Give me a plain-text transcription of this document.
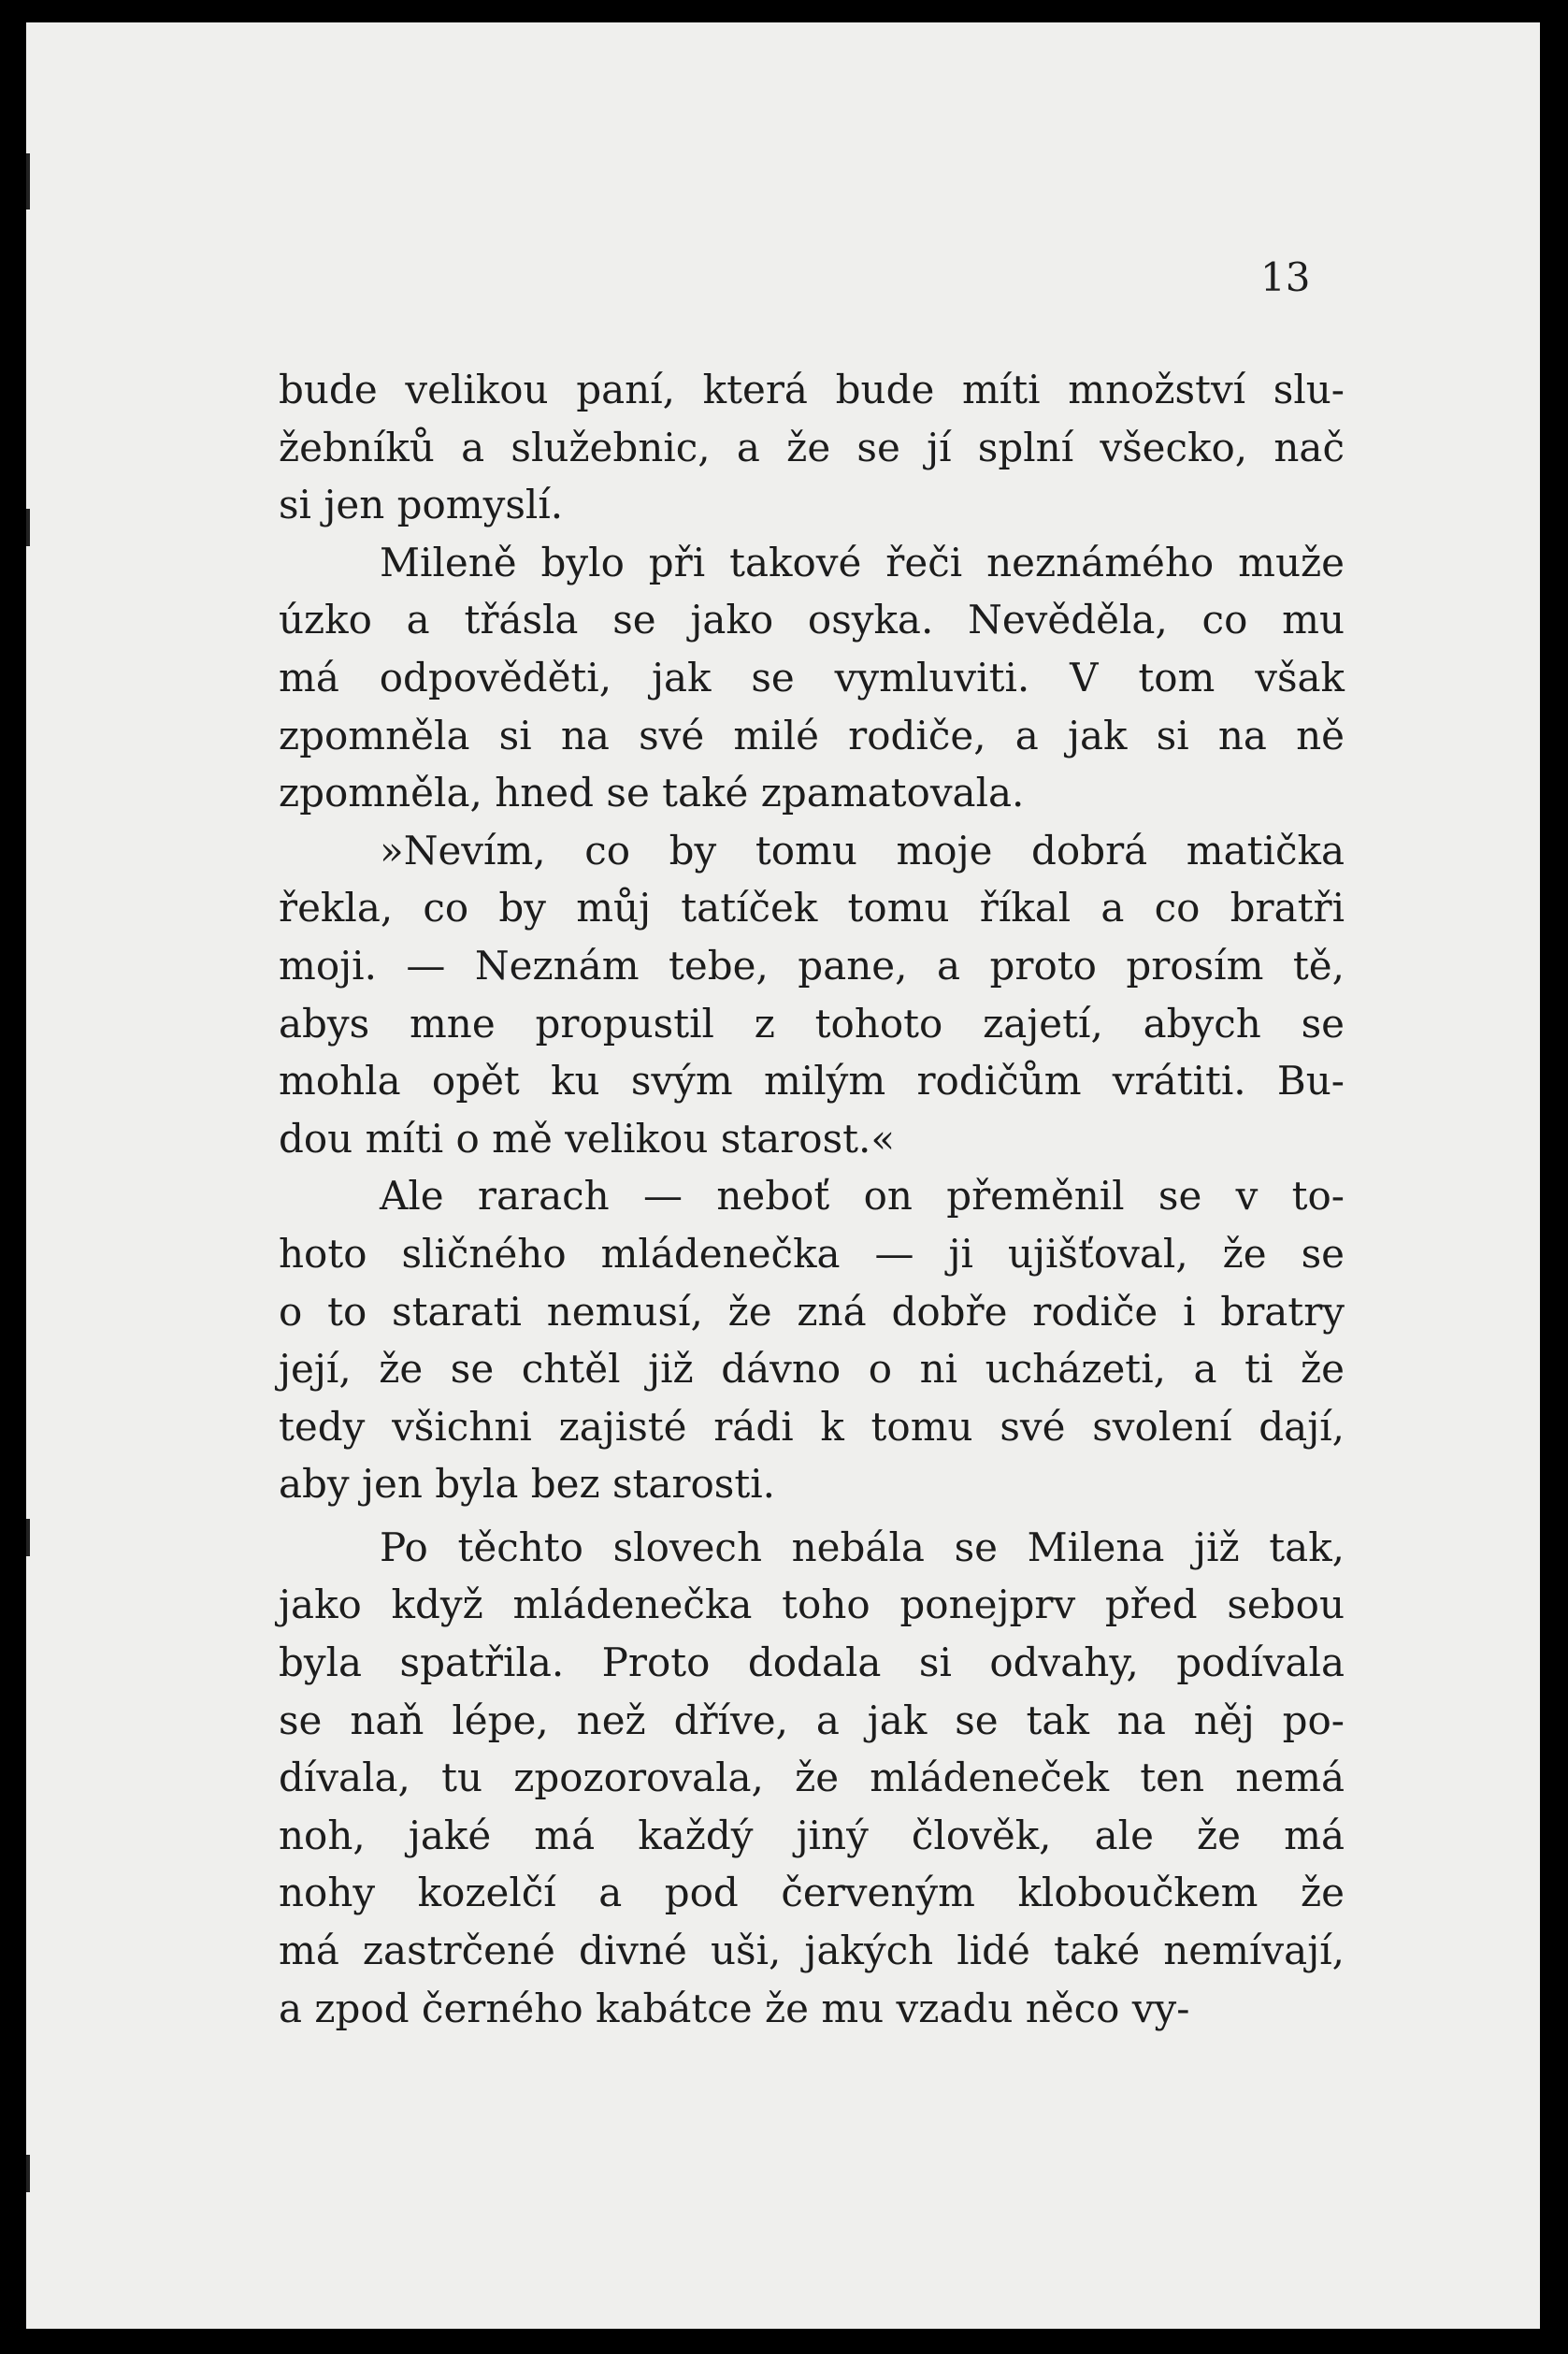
13
bude velikou paní, která bude míti množství slu-
žebníků a služebnic, a že se jí splní všecko, nač
si jen pomyslí.
Mileně bylo při takové řeči neznámého muže
úzko a třásla se jako osyka. Nevěděla, co mu
má odpověděti, jak se vymluviti. V tom však
zpomněla si na své milé rodiče, a jak si na ně
zpomněla, hned se také zpamatovala.
»Nevím, co by tomu moje dobrá matička
řekla, co by můj tatíček tomu říkal a co bratři
moji. — Neznám tebe, pane, a proto prosím tě,
abys mne propustil z tohoto zajetí, abych se
mohla opět ku svým milým rodičům vrátiti. Bu-
dou míti o mě velikou starost.«
Ale rarach — neboť on přeměnil se v to-
hoto sličného mládenečka — ji ujišťoval, že se
o to starati nemusí, že zná dobře rodiče i bratry
její, že se chtěl již dávno o ni ucházeti, a ti že
tedy všichni zajisté rádi k tomu své svolení dají,
aby jen byla bez starosti.
Po těchto slovech nebála se Milena již tak,
jako když mládenečka toho ponejprv před sebou
byla spatřila. Proto dodala si odvahy, podívala
se naň lépe, než dříve, a jak se tak na něj po-
dívala, tu zpozorovala, že mládeneček ten nemá
noh, jaké má každý jiný člověk, ale že má
nohy kozelčí a pod červeným kloboučkem že
má zastrčené divné uši, jakých lidé také nemívají,
a zpod černého kabátce že mu vzadu něco vy-
